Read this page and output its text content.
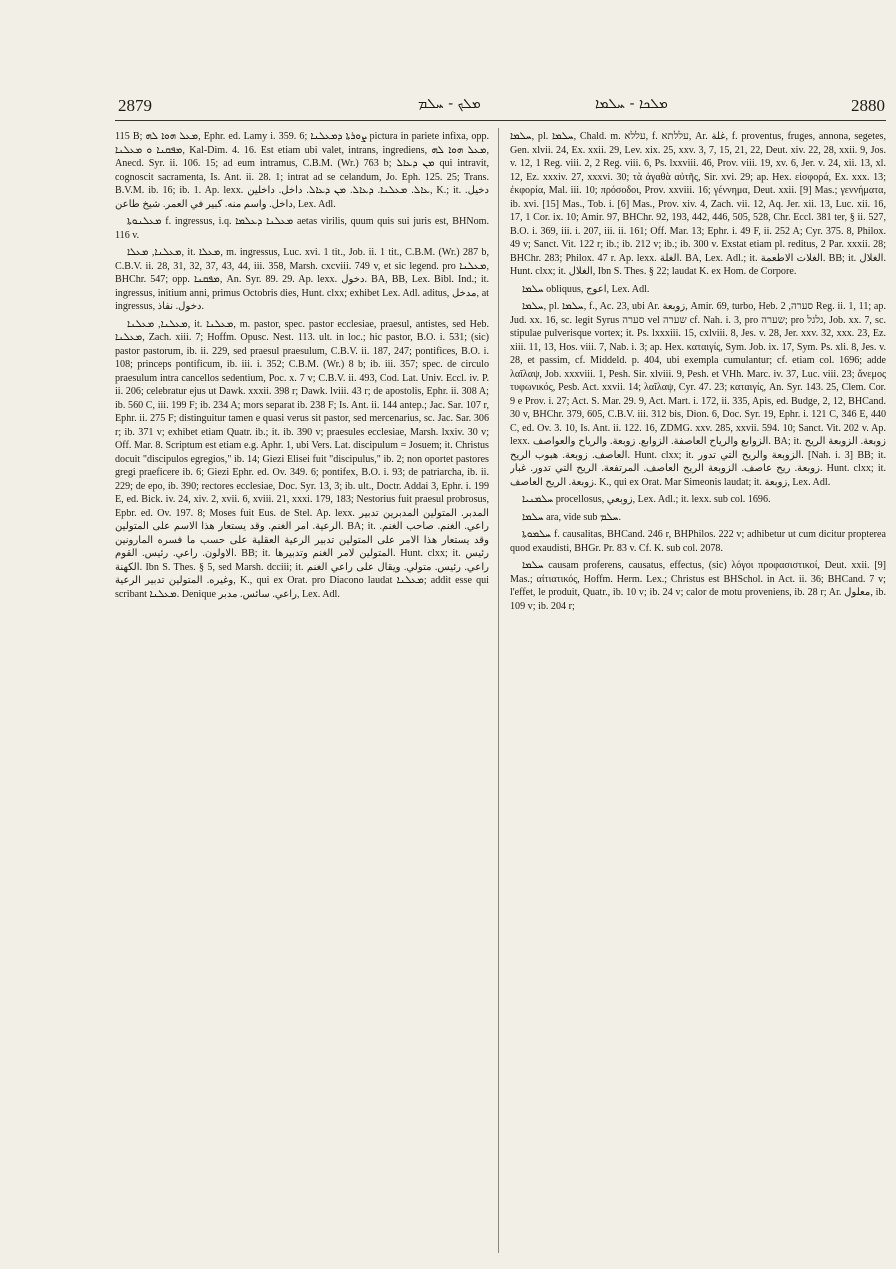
2879	ܡܠܟ - ܚܠܡ	ܡܠܟܐ - ܚܠܡܐ	2880

115 B; ܡܥܠ ܗܘܐ ܠܗ, Ephr. ed. Lamy i. 359. 6; ܨܘܪܬܐ ܕܡܥܠܢܐ pictura in pariete infixa, opp. ܡܦܩܢܐ ܘ ܡܥܠܢܐ, Kal-Dim. 4. 16. Est etiam ubi valet, intrans, ingrediens, ܡܥܠ ܗܘܐ ܠܗ, Anecd. Syr. ii. 106. 15; ad eum intramus, C.B.M. (Wr.) 763 b; ܡܢ ܕܥܐܠ qui intravit, cognoscit sacramenta, Is. Ant. ii. 28. 1; intrat ad se celandum, Jo. Eph. 125. 25; Trans. B.V.M. ib. 16; ib. 1. Ap. lexx. ܥܐܠ. ܡܥܠܢܐ. ܕܥܐܠ. ܡܢ ܕܥܐܠ. داخل. داخلين, K.; it. دخيل. داخل. واسم منه. كبير في العمر. شيخ طاعن, Lex. Adl.

ܡܥܠܢܘܬܐ f. ingressus, i.q. ܡܥܠܢܐ ܕܥܠܡܐ aetas virilis, quum quis sui juris est, BHNom. 116 v.

ܡܥܠܢܐ, ܡܥܠܐ, it. ܡܥܠܐ, m. ingressus, Luc. xvi. 1 tit., Job. ii. 1 tit., C.B.M. (Wr.) 287 b, C.B.V. ii. 28, 31, 32, 37, 43, 44, iii. 358, Marsh. cxcviii. 749 v, et sic legend. pro ܡܥܠܢܐ, BHChr. 547; opp. ܡܦܩܢܐ, An. Syr. 89. 29. Ap. lexx. دخول. BA, BB, Lex. Bibl. Ind.; it. ingressus, initium anni, primus Octobris dies, Hunt. clxx; exhibet Lex. Adl. aditus, مدخل, at ingressus, دخول. نفاذ.

ܡܥܠܢܐ, ܡܥܠܢܐ, it. ܡܥܠܢܐ, m. pastor, spec. pastor ecclesiae, praesul, antistes, sed Heb. ܡܥܠܢܐ, Zach. xiii. 7; Hoffm. Opusc. Nest. 113. ult. in loc.; hic pastor, B.O. i. 531; (sic) pastor pastorum, ib. ii. 229, sed praesul praesulum, C.B.V. ii. 187, 247; pontifices, B.O. i. 108; princeps pontificum, ib. iii. i. 352; C.B.M. (Wr.) 8 b; ib. iii. 357; spec. de circulo praesulum intra cancellos sedentium, Poc. x. 7 v; C.B.V. ii. 493, Cod. Lat. Univ. Eccl. iv. P. ii. 206; celebratur ejus ut Dawk. xxxii. 398 r; Dawk. lviii. 43 r; de apostolis, Ephr. ii. 308 A; ib. 560 C, iii. 199 F; ib. 234 A; mors separat ib. 238 F; Is. Ant. ii. 144 antep.; Jac. Sar. 107 r, Ephr. ii. 275 F; distinguitur tamen e quasi verus sit pastor, sed mercenarius, sc. Jac. Sar. 306 r; ib. 371 v; exhibet etiam Quatr. ib.; it. ib. 390 v; praesules ecclesiae, Marsh. lxxiv. 30 v; Off. Mar. 8. Scriptum est etiam e.g. Aphr. 1, ubi Vers. Lat. discipulum = Josuem; it. Christus docuit "discipulos egregios," ib. 14; Giezi Elisei fuit "discipulus," ib. 2; non oportet pastores gregi praeficere ib. 6; Giezi Ephr. ed. Ov. 349. 6; pontifex, B.O. i. 93; de patriarcha, ib. ii. 229; de epo, ib. 390; rectores ecclesiae, Doc. Syr. 13, 3; ib. ult., Doctr. Addai 3, Ephr. i. 199 E, ed. Bick. iv. 24, xiv. 2, xvii. 6, xviii. 21, xxxi. 179, 183; Nestorius fuit praesul probrosus, Epbr. ed. Ov. 197. 8; Moses fuit Eus. de Stel. Ap. lexx. المدبر. المتولين المدبرين تدبير الرعية. امر الغنم. وقد يستعار هذا الاسم على المتولين. BA; it. راعي. الغنم. صاحب الغنم. وقد يستعار هذا الامر على المتولين تدبير الرعية العقلية على حسب ما فسره المارونين الاولون. راعي. رئيس. القوم. BB; it. المتولين لامر الغنم وتدبيرها. Hunt. clxx; it. رئيس الكهنة. Ibn S. Thes. § 5, sed Marsh. dcciii; it. راعي. رئيس. متولي. ويقال على راعي الغنم وغيره. المتولين تدبير الرعية, K., qui ex Orat. pro Diacono laudat ܡܥܠܢܐ; addit esse qui scribant ܡܥܠܢܐ. Denique راعي. سائس. مدبر, Lex. Adl.

ܚܠܡܐ, pl. ܚܠܡܐ, Chald. m. עללא, f. עללתא, Ar. غلة, f. proventus, fruges, annona, segetes, Gen. xlvii. 24, Ex. xxii. 29, Lev. xix. 25, xxv. 3, 7, 15, 21, 22, Deut. xiv. 22, 28, xxii. 9, Jos. v. 12, 1 Reg. viii. 2, 2 Reg. viii. 6, Ps. lxxviii. 46, Prov. viii. 19, xv. 6, Jer. v. 24, xii. 13, xl. 12, Ez. xxxiv. 27, xxxvi. 30; τὰ ἀγαθὰ αὐτῆς, Sir. xvi. 29; ap. Hex. εἰσφορά, Ex. xxx. 13; ἐκφορία, Mal. iii. 10; πρόσοδοι, Prov. xxviii. 16; γέννημα, Deut. xxii. [9] Mas.; γεννήματα, ib. xvi. [15] Mas., Tob. i. [6] Mas., Prov. xiv. 4, Zach. vii. 12, Aq. Jer. xii. 13, Luc. xii. 16, 17, 1 Cor. ix. 10; Amir. 97, BHChr. 92, 193, 442, 446, 505, 528, Chr. Eccl. 381 ter, § ii. 527, B.O. i. 369, iii. i. 207, iii. ii. 161; Off. Mar. 13; Ephr. i. 49 F, ii. 252 A; Cyr. 375. 8, Philox. 49 v; Sanct. Vit. 122 r; ib.; ib. 212 v; ib.; ib. 300 v. Exstat etiam pl. reditus, 2 Par. xxxii. 28; BHChr. 283; Philox. 47 r. Ap. lexx. الغلة. BA, Lex. Adl.; it. الغلات الاطعمة. BB; it. الغلال. Hunt. clxx; it. الغلال, Ibn S. Thes. § 22; laudat K. ex Hom. de Corpore.

ܚܠܡܐ obliquus, اعوج, Lex. Adl.

ܚܠܡܐ, pl. ܚܠܡܐ, f., Ac. 23, ubi Ar. زوبعة, Amir. 69, turbo, Heb. סערה, 2 Reg. ii. 1, 11; ap. Jud. xx. 16, sc. legit Syrus סערה vel שערה cf. Nah. i. 3, pro שערה; pro גלגל, Job. xx. 7, sc. stipulae pulverisque vortex; it. Ps. lxxxiii. 15, cxlviii. 8, Jes. v. 28, Jer. xxv. 32, xxx. 23, Ez. xiii. 11, 13, Hos. viii. 7, Nab. i. 3; ap. Hex. καταιγίς, Sym. Job. ix. 17, Sym. Ps. xli. 8, Jes. v. 28, et passim, cf. Middeld. p. 404, ubi exempla cumulantur; cf. etiam col. 1696; adde λαῖλαψ, Job. xxxviii. 1, Pesh. Sir. xlviii. 9, Pesh. et VHh. Marc. iv. 37, Luc. viii. 23; ἄνεμος τυφωνικός, Pesb. Act. xxvii. 14; λαῖλαψ, Cyr. 47. 23; καταιγίς, An. Syr. 143. 25, Clem. Cor. 9 e Prov. i. 27; Act. S. Mar. 29. 9, Act. Mart. i. 172, ii. 335, Apis, ed. Budge, 2, 12, BHCand. 30 v, BHChr. 379, 605, C.B.V. iii. 312 bis, Dion. 6, Doc. Syr. 19, Ephr. i. 121 C, 346 E, 440 C, ed. Ov. 3. 10, Is. Ant. ii. 122. 16, ZDMG. xxv. 285, xxvii. 594. 10; Sanct. Vit. 202 v. Ap. lexx. الزوابع والرياح العاصفة. الزوابع. زوبعة. والرياح والعواصف. BA; it. زوبعة. الزوبعة الريح العاصف. زوبعة. هبوب الريح. Hunt. clxx; it. الزوبعة والريح التي تدور. [Nah. i. 3] BB; it. زوبعة. ريح عاصف. الزوبعة الريح العاصف. المرتفعة. الريح التي تدور. غبار. Hunt. clxx; it. زوبعة. الريح العاصف. K., qui ex Orat. Mar Simeonis laudat; it. زوبعة, Lex. Adl.

ܚܠܡܢܝܐ procellosus, زوبعي, Lex. Adl.; it. lexx. sub col. 1696.

ܚܠܡܐ ara, vide sub ܚܠܡ.

ܚܠܡܘܬܐ f. causalitas, BHCand. 246 r, BHPhilos. 222 v; adhibetur ut cum dicitur propterea quod exaudisti, BHGr. Pr. 83 v. Cf. K. sub col. 2078.

ܚܠܡܐ causam proferens, causatus, effectus, (sic) λόγοι προφασιστικοί, Deut. xxii. [9] Mas.; αἰτιατικός, Hoffm. Herm. Lex.; Christus est BHSchol. in Act. ii. 36; BHCand. 7 v; l'effet, le produit, Quatr., ib. 10 v; ib. 24 v; calor de motu proveniens, ib. 28 r; Ar. معلول, ib. 109 v; ib. 204 r;
